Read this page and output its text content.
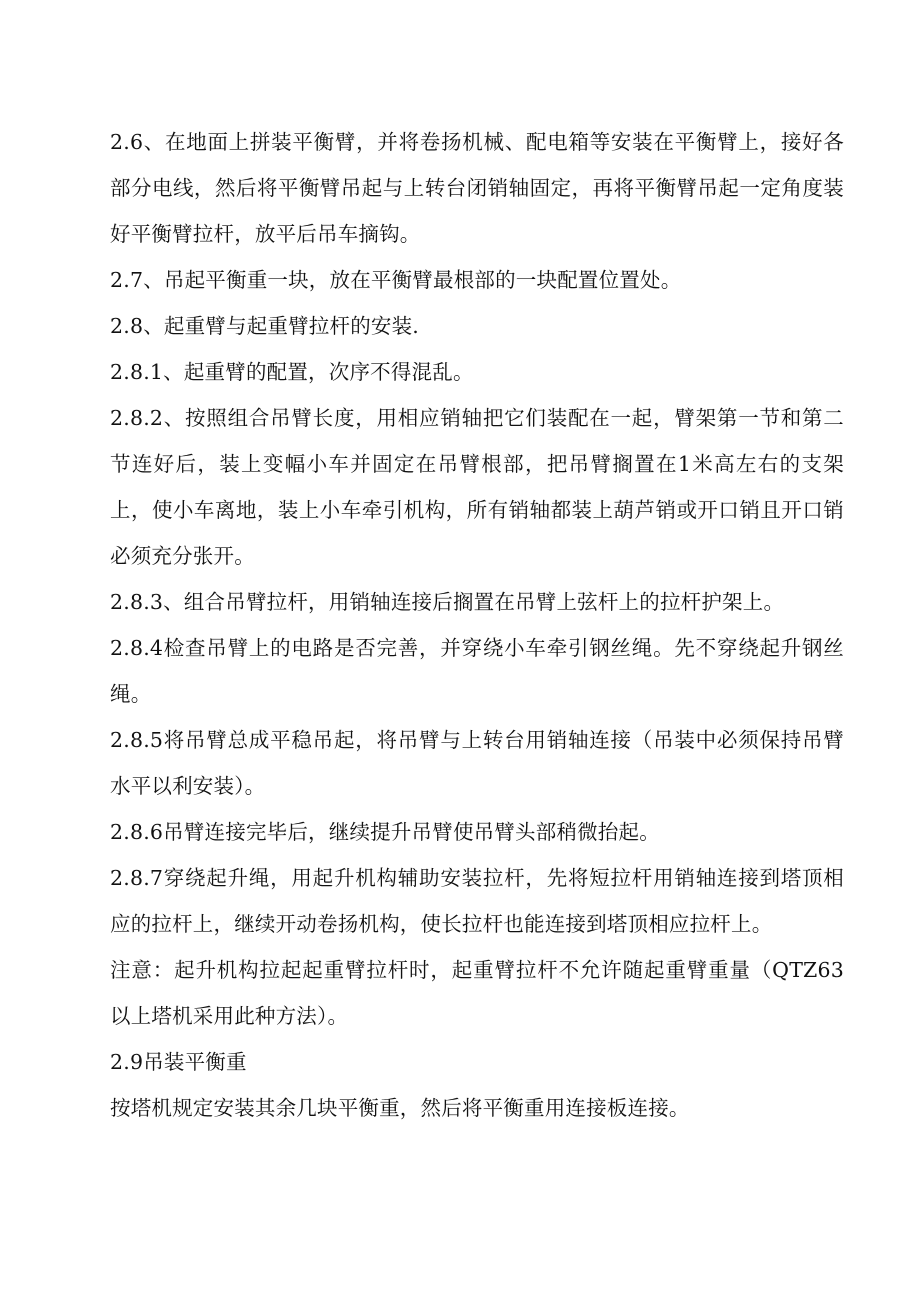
2.6、在地面上拼装平衡臂，并将卷扬机械、配电箱等安装在平衡臂上，接好各部分电线，然后将平衡臂吊起与上转台闭销轴固定，再将平衡臂吊起一定角度装好平衡臂拉杆，放平后吊车摘钩。

2.7、吊起平衡重一块，放在平衡臂最根部的一块配置位置处。

2.8、起重臂与起重臂拉杆的安装.

2.8.1、起重臂的配置，次序不得混乱。

2.8.2、按照组合吊臂长度，用相应销轴把它们装配在一起，臂架第一节和第二节连好后，装上变幅小车并固定在吊臂根部，把吊臂搁置在1米高左右的支架上，使小车离地，装上小车牵引机构，所有销轴都装上葫芦销或开口销且开口销必须充分张开。

2.8.3、组合吊臂拉杆，用销轴连接后搁置在吊臂上弦杆上的拉杆护架上。

2.8.4检查吊臂上的电路是否完善，并穿绕小车牵引钢丝绳。先不穿绕起升钢丝绳。

2.8.5将吊臂总成平稳吊起，将吊臂与上转台用销轴连接（吊装中必须保持吊臂水平以利安装）。

2.8.6吊臂连接完毕后，继续提升吊臂使吊臂头部稍微抬起。

2.8.7穿绕起升绳，用起升机构辅助安装拉杆，先将短拉杆用销轴连接到塔顶相应的拉杆上，继续开动卷扬机构，使长拉杆也能连接到塔顶相应拉杆上。

注意：起升机构拉起起重臂拉杆时，起重臂拉杆不允许随起重臂重量（QTZ63以上塔机采用此种方法）。

2.9吊装平衡重

按塔机规定安装其余几块平衡重，然后将平衡重用连接板连接。
